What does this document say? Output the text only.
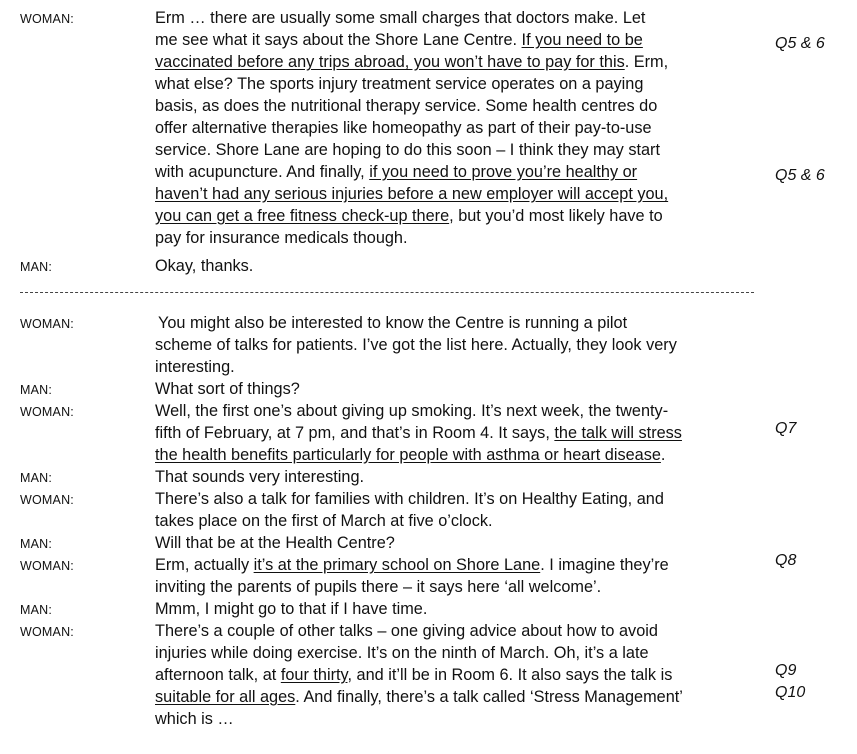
WOMAN:	Erm … there are usually some small charges that doctors make. Let
me see what it says about the Shore Lane Centre. If you need to be
vaccinated before any trips abroad, you won’t have to pay for this. Erm,
what else? The sports injury treatment service operates on a paying
basis, as does the nutritional therapy service. Some health centres do
offer alternative therapies like homeopathy as part of their pay-to-use
service. Shore Lane are hoping to do this soon – I think they may start
with acupuncture. And finally, if you need to prove you’re healthy or
haven’t had any serious injuries before a new employer will accept you,
you can get a free fitness check-up there, but you’d most likely have to
pay for insurance medicals though.
MAN:	Okay, thanks.
Q5 & 6
Q5 & 6
WOMAN:	You might also be interested to know the Centre is running a pilot
scheme of talks for patients. I’ve got the list here. Actually, they look very
interesting.
MAN:	What sort of things?
WOMAN:	Well, the first one’s about giving up smoking. It’s next week, the twenty-
fifth of February, at 7 pm, and that’s in Room 4. It says, the talk will stress
the health benefits particularly for people with asthma or heart disease.
MAN:	That sounds very interesting.
WOMAN:	There’s also a talk for families with children. It’s on Healthy Eating, and
takes place on the first of March at five o’clock.
MAN:	Will that be at the Health Centre?
WOMAN:	Erm, actually it’s at the primary school on Shore Lane. I imagine they’re
inviting the parents of pupils there – it says here ‘all welcome’.
MAN:	Mmm, I might go to that if I have time.
WOMAN:	There’s a couple of other talks – one giving advice about how to avoid
injuries while doing exercise. It’s on the ninth of March. Oh, it’s a late
afternoon talk, at four thirty, and it’ll be in Room 6. It also says the talk is
suitable for all ages. And finally, there’s a talk called ‘Stress Management’
which is …
Q7
Q8
Q9
Q10
